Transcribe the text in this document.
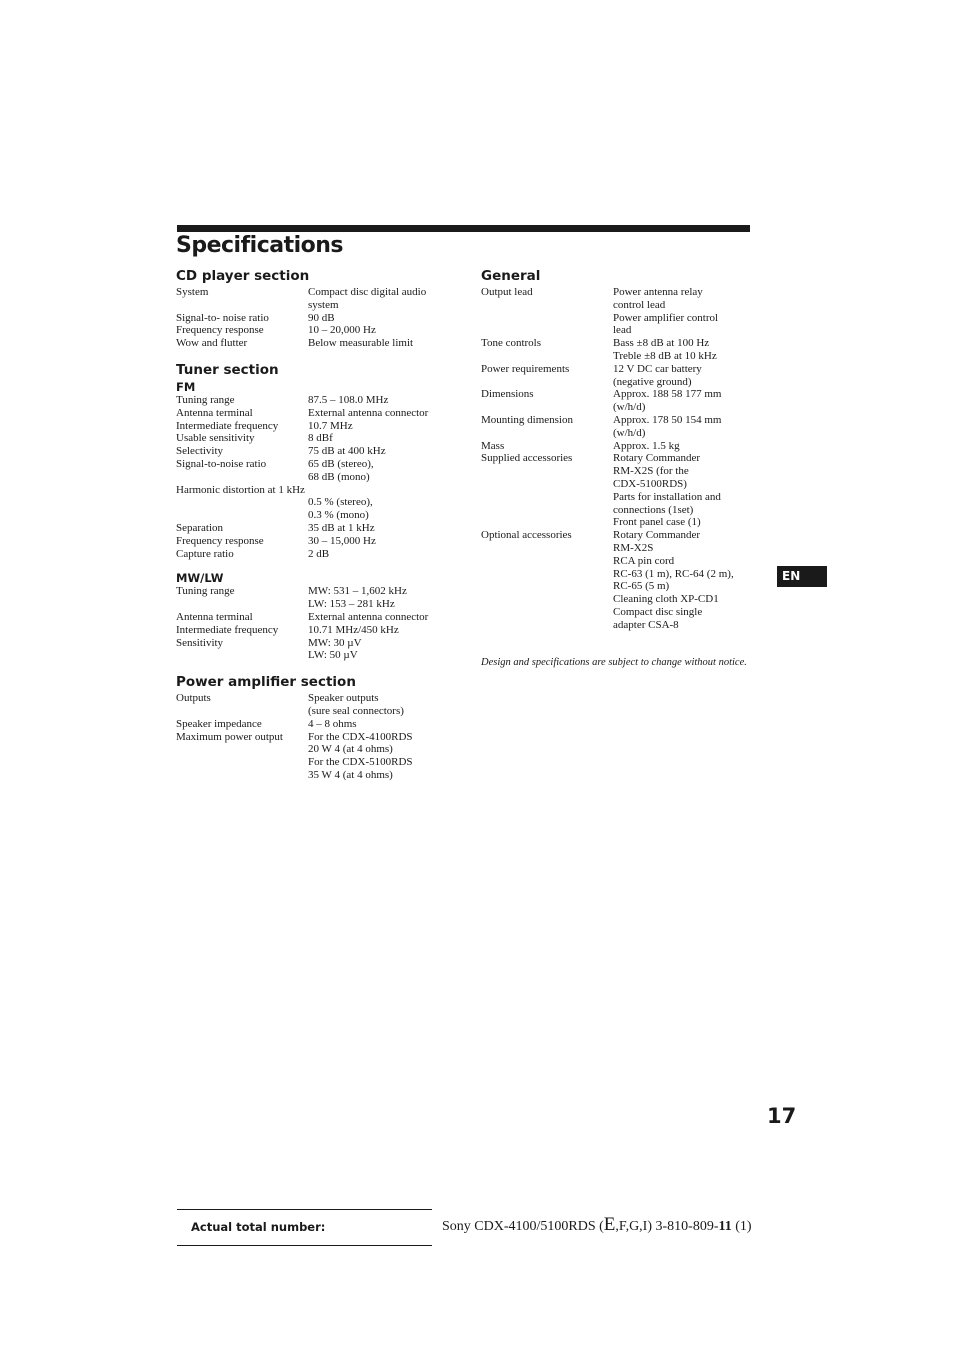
Specifications
CD player section
System	Compact disc digital audio
system
Signal-to- noise ratio	90 dB
Frequency response	10 – 20,000 Hz
Wow and flutter	Below measurable limit
Tuner section
FM
Tuning range	87.5 – 108.0 MHz
Antenna terminal	External antenna connector
Intermediate frequency	10.7 MHz
Usable sensitivity	8 dBf
Selectivity	75 dB at 400 kHz
Signal-to-noise ratio	65 dB (stereo),
68 dB (mono)
Harmonic distortion at 1 kHz
0.5 % (stereo),
0.3 % (mono)
Separation	35 dB at 1 kHz
Frequency response	30 – 15,000 Hz
Capture ratio	2 dB
MW/LW
Tuning range	MW: 531 – 1,602 kHz
LW: 153 – 281 kHz
Antenna terminal	External antenna connector
Intermediate frequency	10.71 MHz/450 kHz
Sensitivity	MW: 30 µV
LW: 50 µV
Power amplifier section
Outputs	Speaker outputs
(sure seal connectors)
Speaker impedance	4 – 8 ohms
Maximum power output	For the CDX-4100RDS
20 W 4 (at 4 ohms)
For the CDX-5100RDS
35 W 4 (at 4 ohms)
General
Output lead	Power antenna relay
control lead
Power amplifier control
lead
Tone controls	Bass ±8 dB at 100 Hz
Treble ±8 dB at 10 kHz
Power requirements	12 V DC car battery
(negative ground)
Dimensions	Approx. 188 58 177 mm
(w/h/d)
Mounting dimension	Approx. 178 50 154 mm
(w/h/d)
Mass	Approx. 1.5 kg
Supplied accessories	Rotary Commander
RM-X2S (for the
CDX-5100RDS)
Parts for installation and
connections (1set)
Front panel case (1)
Optional accessories	Rotary Commander
RM-X2S
RCA pin cord
RC-63 (1 m), RC-64 (2 m),
RC-65 (5 m)
Cleaning cloth XP-CD1
Compact disc single
adapter CSA-8
Design and specifications are subject to change without notice.
EN
17
Actual total number:	Sony CDX-4100/5100RDS (E,F,G,I) 3-810-809-11 (1)
